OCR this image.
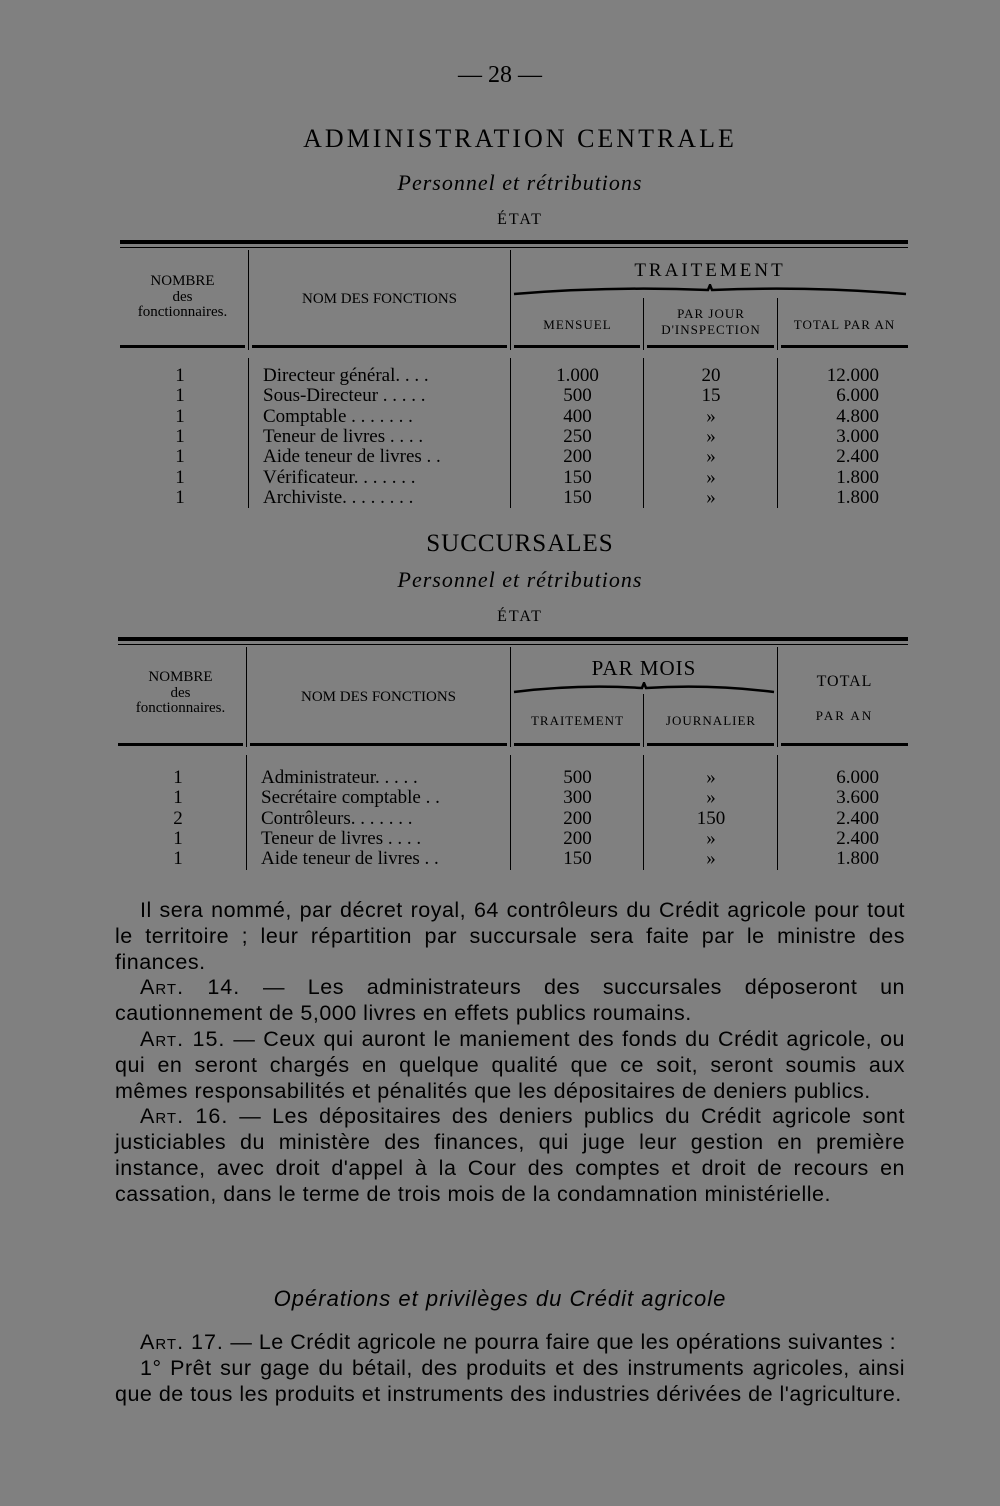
— 28 —
ADMINISTRATION CENTRALE
Personnel et rétributions
ÉTAT
NOMBRE
des
fonctionnaires.
NOM DES FONCTIONS
TRAITEMENT
MENSUEL
PAR JOUR
D'INSPECTION	TOTAL PAR AN
1	Directeur général. . . .	1.000	20	12.000
1	Sous-Directeur . . . . .	500	15	6.000
1	Comptable . . . . . . .	400	»	4.800
1	Teneur de livres . . . .	250	»	3.000
1	Aide teneur de livres . .	200	»	2.400
1	Vérificateur. . . . . . .	150	»	1.800
1	Archiviste. . . . . . . .	150	»	1.800
SUCCURSALES
Personnel et rétributions
ÉTAT
NOMBRE
des
fonctionnaires.
NOM DES FONCTIONS
PAR MOIS
TRAITEMENT	JOURNALIER
TOTAL
PAR AN
1	Administrateur. . . . .	500	»	6.000
1	Secrétaire comptable . .	300	»	3.600
2	Contrôleurs. . . . . . .	200	150	2.400
1	Teneur de livres . . . .	200	»	2.400
1	Aide teneur de livres . .	150	»	1.800

Il sera nommé, par décret royal, 64 contrôleurs du Crédit agricole pour tout le territoire ; leur répartition par succursale sera faite par le ministre des finances.

Art. 14. — Les administrateurs des succursales déposeront un cautionnement de 5,000 livres en effets publics roumains.

Art. 15. — Ceux qui auront le maniement des fonds du Crédit agricole, ou qui en seront chargés en quelque qualité que ce soit, seront soumis aux mêmes responsabilités et pénalités que les dépositaires de deniers publics.

Art. 16. — Les dépositaires des deniers publics du Crédit agricole sont justiciables du ministère des finances, qui juge leur gestion en première instance, avec droit d'appel à la Cour des comptes et droit de recours en cassation, dans le terme de trois mois de la condamnation ministérielle.

Opérations et privilèges du Crédit agricole

Art. 17. — Le Crédit agricole ne pourra faire que les opérations suivantes :

1° Prêt sur gage du bétail, des produits et des instruments agricoles, ainsi que de tous les produits et instruments des industries dérivées de l'agriculture.
